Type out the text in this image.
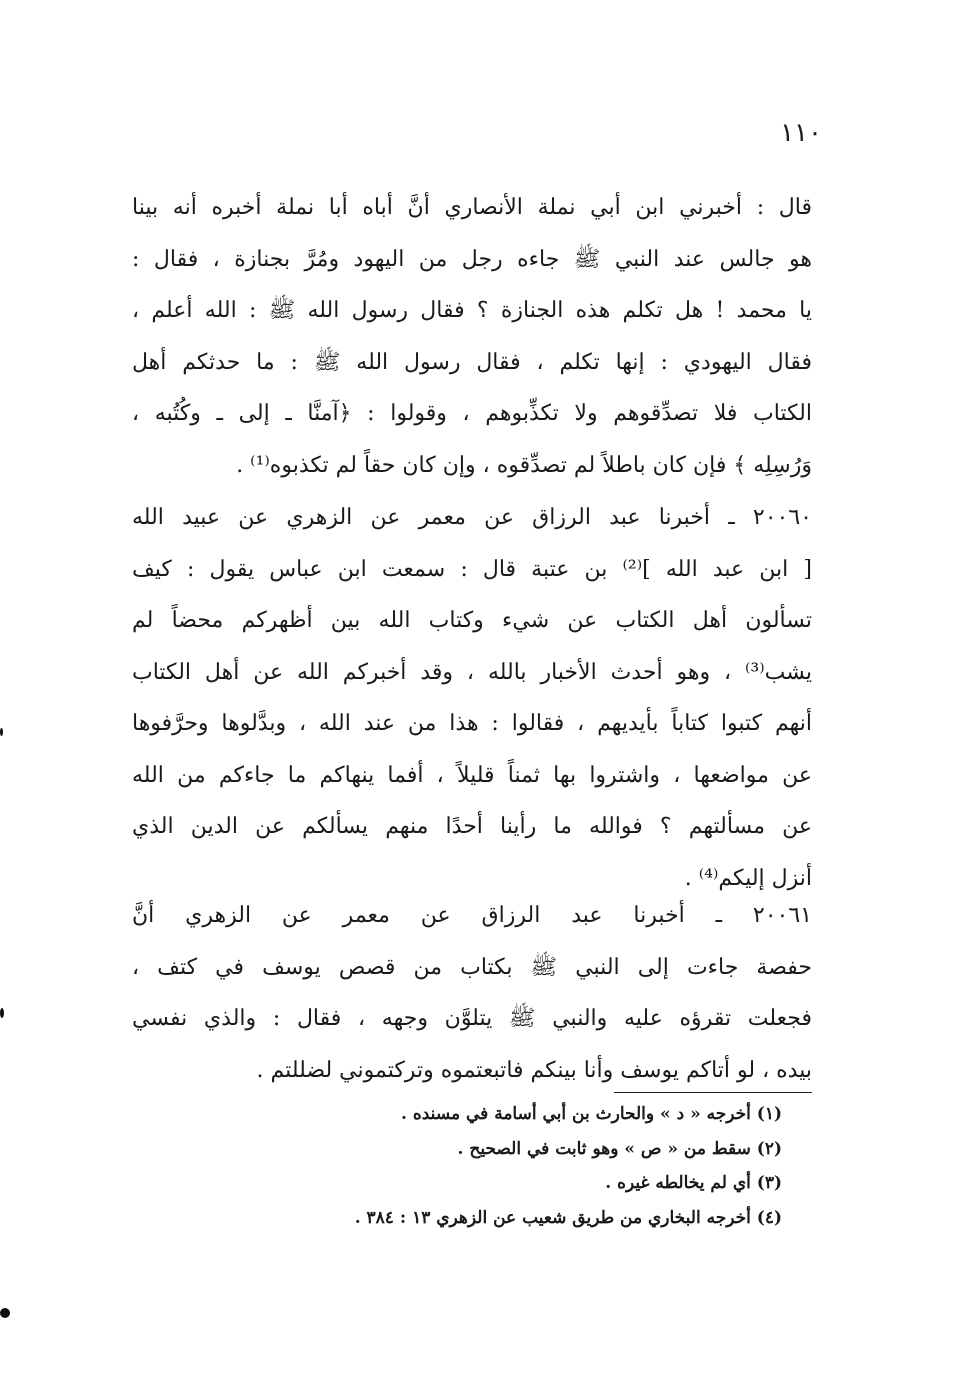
١١٠
قال : أخبرني ابن أبي نملة الأنصاري أنَّ أباه أبا نملة أخبره أنه بينا
هو جالس عند النبي ﷺ جاءه رجل من اليهود ومُرَّ بجنازة ، فقال :
يا محمد ! هل تكلم هذه الجنازة ؟ فقال رسول الله ﷺ : الله أعلم ،
فقال اليهودي : إنها تكلم ، فقال رسول الله ﷺ : ما حدثكم أهل
الكتاب فلا تصدِّقوهم ولا تكذِّبوهم ، وقولوا : ﴿آمنَّا ـ إلى ـ وكُتُبه ،
وَرُسِلِه ﴾ فإن كان باطلاً لم تصدِّقوه ، وإن كان حقاً لم تكذبوه⁽¹⁾ .
٢٠٠٦٠ ـ أخبرنا عبد الرزاق عن معمر عن الزهري عن عبيد الله
[ ابن عبد الله ]⁽²⁾ بن عتبة قال : سمعت ابن عباس يقول : كيف
تسألون أهل الكتاب عن شيء وكتاب الله بين أظهركم محضاً لم
يشب⁽³⁾ ، وهو أحدث الأخبار بالله ، وقد أخبركم الله عن أهل الكتاب
أنهم كتبوا كتاباً بأيديهم ، فقالوا : هذا من عند الله ، وبدَّلوها وحرَّفوها
عن مواضعها ، واشتروا بها ثمناً قليلاً ، أفما ينهاكم ما جاءكم من الله
عن مسألتهم ؟ فوالله ما رأينا أحدًا منهم يسألكم عن الدين الذي
أنزل إليكم⁽⁴⁾ .
٢٠٠٦١ ـ أخبرنا عبد الرزاق عن معمر عن الزهري أنَّ
حفصة جاءت إلى النبي ﷺ بكتاب من قصص يوسف في كتف ،
فجعلت تقرؤه عليه والنبي ﷺ يتلوَّن وجهه ، فقال : والذي نفسي
بيده ، لو أتاكم يوسف وأنا بينكم فاتبعتموه وتركتموني لضللتم .
(١) أخرجه « د » والحارث بن أبي أسامة في مسنده .
(٢) سقط من « ص » وهو ثابت في الصحيح .
(٣) أي لم يخالطه غيره .
(٤) أخرجه البخاري من طريق شعيب عن الزهري ١٣ : ٣٨٤ .
